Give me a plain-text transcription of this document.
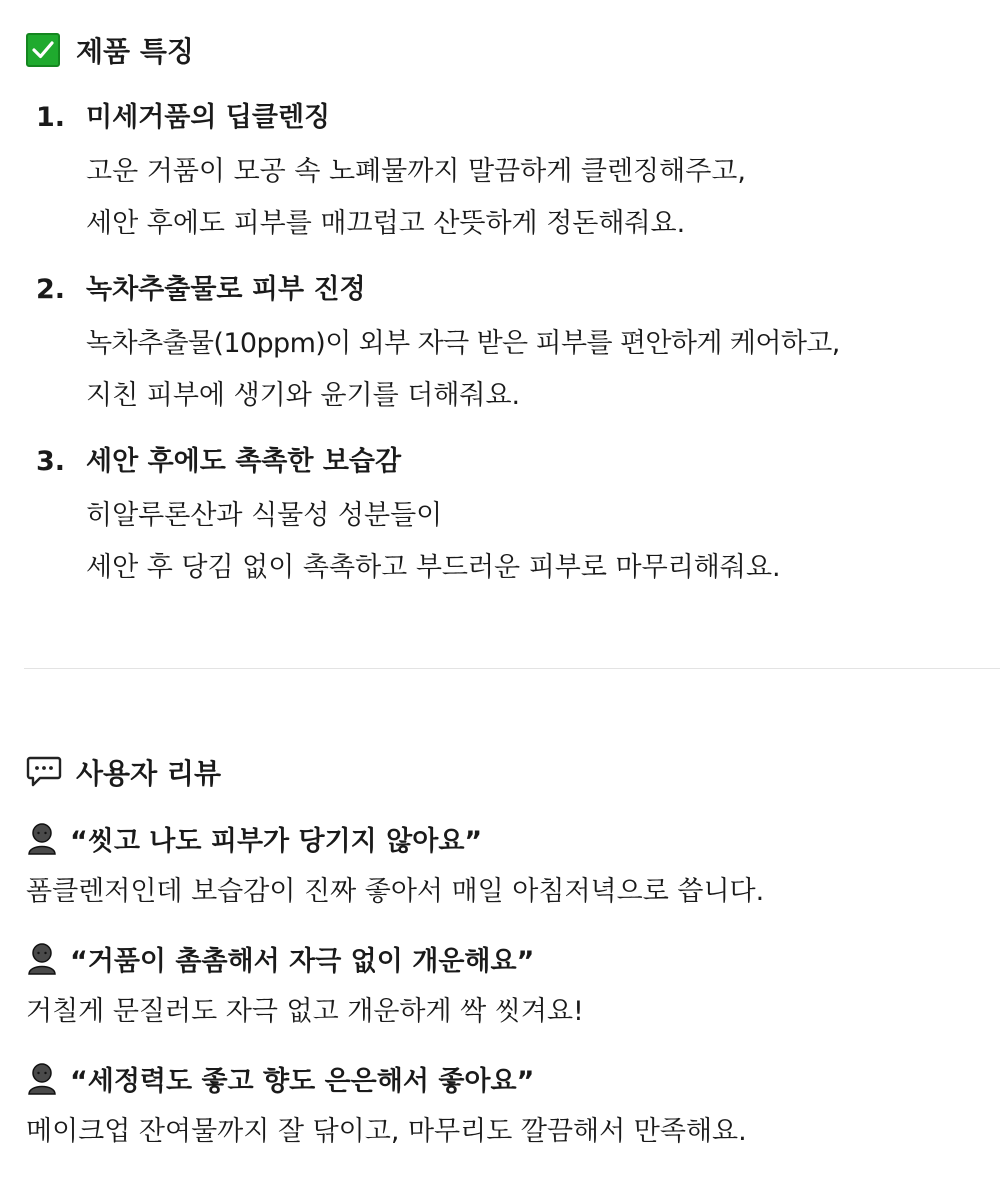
제품 특징
1. 미세거품의 딥클렌징
고운 거품이 모공 속 노폐물까지 말끔하게 클렌징해주고,
세안 후에도 피부를 매끄럽고 산뜻하게 정돈해줘요.
2. 녹차추출물로 피부 진정
녹차추출물(10ppm)이 외부 자극 받은 피부를 편안하게 케어하고,
지친 피부에 생기와 윤기를 더해줘요.
3. 세안 후에도 촉촉한 보습감
히알루론산과 식물성 성분들이
세안 후 당김 없이 촉촉하고 부드러운 피부로 마무리해줘요.
사용자 리뷰
“씻고 나도 피부가 당기지 않아요”
폼클렌저인데 보습감이 진짜 좋아서 매일 아침저녁으로 씁니다.
“거품이 촘촘해서 자극 없이 개운해요”
거칠게 문질러도 자극 없고 개운하게 싹 씻겨요!
“세정력도 좋고 향도 은은해서 좋아요”
메이크업 잔여물까지 잘 닦이고, 마무리도 깔끔해서 만족해요.
